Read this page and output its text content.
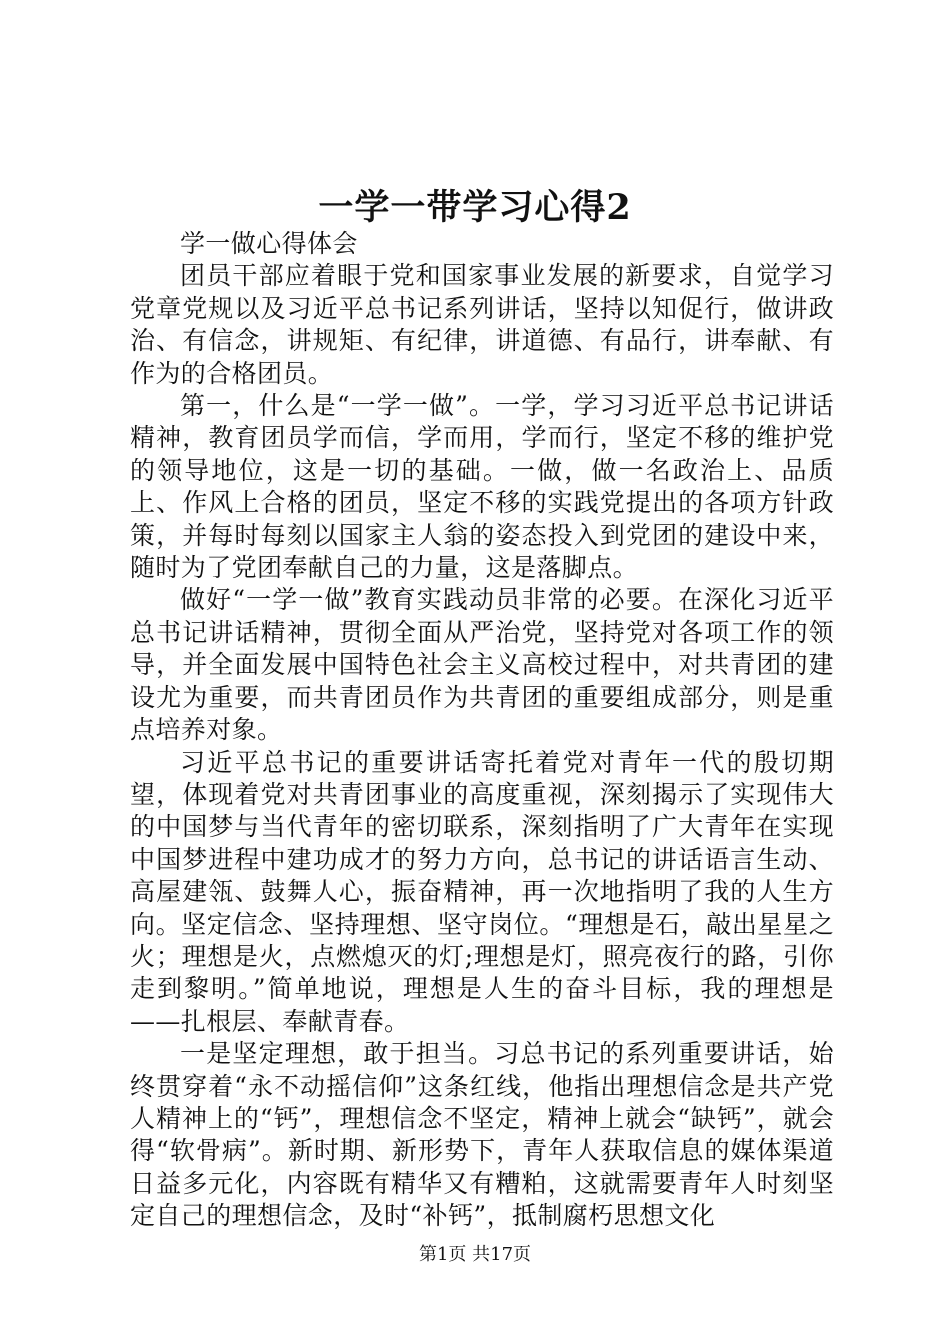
一学一带学习心得2

学一做心得体会

团员干部应着眼于党和国家事业发展的新要求，自觉学习党章党规以及习近平总书记系列讲话，坚持以知促行，做讲政治、有信念，讲规矩、有纪律，讲道德、有品行，讲奉献、有作为的合格团员。

第一，什么是“一学一做”。一学，学习习近平总书记讲话精神，教育团员学而信，学而用，学而行，坚定不移的维护党的领导地位，这是一切的基础。一做，做一名政治上、品质上、作风上合格的团员，坚定不移的实践党提出的各项方针政策，并每时每刻以国家主人翁的姿态投入到党团的建设中来，随时为了党团奉献自己的力量，这是落脚点。

做好“一学一做”教育实践动员非常的必要。在深化习近平总书记讲话精神，贯彻全面从严治党，坚持党对各项工作的领导，并全面发展中国特色社会主义高校过程中，对共青团的建设尤为重要，而共青团员作为共青团的重要组成部分，则是重点培养对象。

习近平总书记的重要讲话寄托着党对青年一代的殷切期望，体现着党对共青团事业的高度重视，深刻揭示了实现伟大的中国梦与当代青年的密切联系，深刻指明了广大青年在实现中国梦进程中建功成才的努力方向，总书记的讲话语言生动、高屋建瓴、鼓舞人心，振奋精神，再一次地指明了我的人生方向。坚定信念、坚持理想、坚守岗位。“理想是石，敲出星星之火；理想是火，点燃熄灭的灯;理想是灯，照亮夜行的路，引你走到黎明。”简单地说，理想是人生的奋斗目标，我的理想是——扎根层、奉献青春。

一是坚定理想，敢于担当。习总书记的系列重要讲话，始终贯穿着“永不动摇信仰”这条红线，他指出理想信念是共产党人精神上的“钙”，理想信念不坚定，精神上就会“缺钙”，就会得“软骨病”。新时期、新形势下，青年人获取信息的媒体渠道日益多元化，内容既有精华又有糟粕，这就需要青年人时刻坚定自己的理想信念，及时“补钙”，抵制腐朽思想文化

第1页 共17页
